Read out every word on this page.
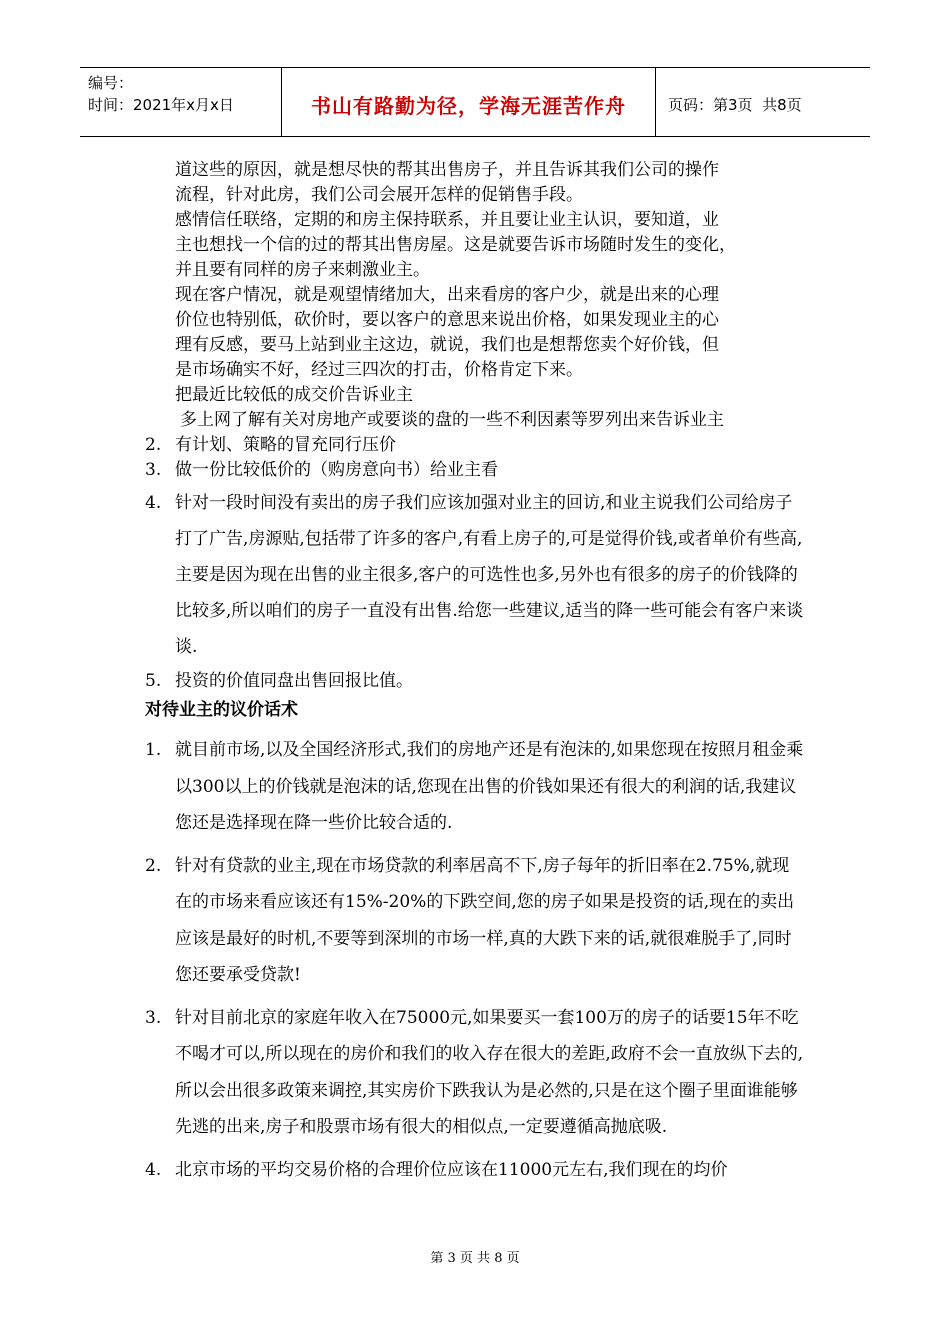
编号：
时间：2021年x月x日	书山有路勤为径，学海无涯苦作舟	页码：第3页  共8页

道这些的原因，就是想尽快的帮其出售房子，并且告诉其我们公司的操作

流程，针对此房，我们公司会展开怎样的促销售手段。

感情信任联络，定期的和房主保持联系，并且要让业主认识，要知道，业

主也想找一个信的过的帮其出售房屋。这是就要告诉市场随时发生的变化，

并且要有同样的房子来刺激业主。

现在客户情况，就是观望情绪加大，出来看房的客户少，就是出来的心理

价位也特别低，砍价时，要以客户的意思来说出价格，如果发现业主的心

理有反感，要马上站到业主这边，就说，我们也是想帮您卖个好价钱，但

是市场确实不好，经过三四次的打击，价格肯定下来。

把最近比较低的成交价告诉业主

多上网了解有关对房地产或要谈的盘的一些不利因素等罗列出来告诉业主

2. 有计划、策略的冒充同行压价
3. 做一份比较低价的（购房意向书）给业主看
4. 针对一段时间没有卖出的房子我们应该加强对业主的回访,和业主说我们公司给房子打了广告,房源贴,包括带了许多的客户,有看上房子的,可是觉得价钱,或者单价有些高,主要是因为现在出售的业主很多,客户的可选性也多,另外也有很多的房子的价钱降的比较多,所以咱们的房子一直没有出售.给您一些建议,适当的降一些可能会有客户来谈谈.
5. 投资的价值同盘出售回报比值。
对待业主的议价话术
1. 就目前市场,以及全国经济形式,我们的房地产还是有泡沫的,如果您现在按照月租金乘以300以上的价钱就是泡沫的话,您现在出售的价钱如果还有很大的利润的话,我建议您还是选择现在降一些价比较合适的.
2. 针对有贷款的业主,现在市场贷款的利率居高不下,房子每年的折旧率在2.75%,就现在的市场来看应该还有15%-20%的下跌空间,您的房子如果是投资的话,现在的卖出应该是最好的时机,不要等到深圳的市场一样,真的大跌下来的话,就很难脱手了,同时您还要承受贷款!
3. 针对目前北京的家庭年收入在75000元,如果要买一套100万的房子的话要15年不吃不喝才可以,所以现在的房价和我们的收入存在很大的差距,政府不会一直放纵下去的,所以会出很多政策来调控,其实房价下跌我认为是必然的,只是在这个圈子里面谁能够先逃的出来,房子和股票市场有很大的相似点,一定要遵循高抛底吸.
4. 北京市场的平均交易价格的合理价位应该在11000元左右,我们现在的均价
第 3 页 共 8 页
